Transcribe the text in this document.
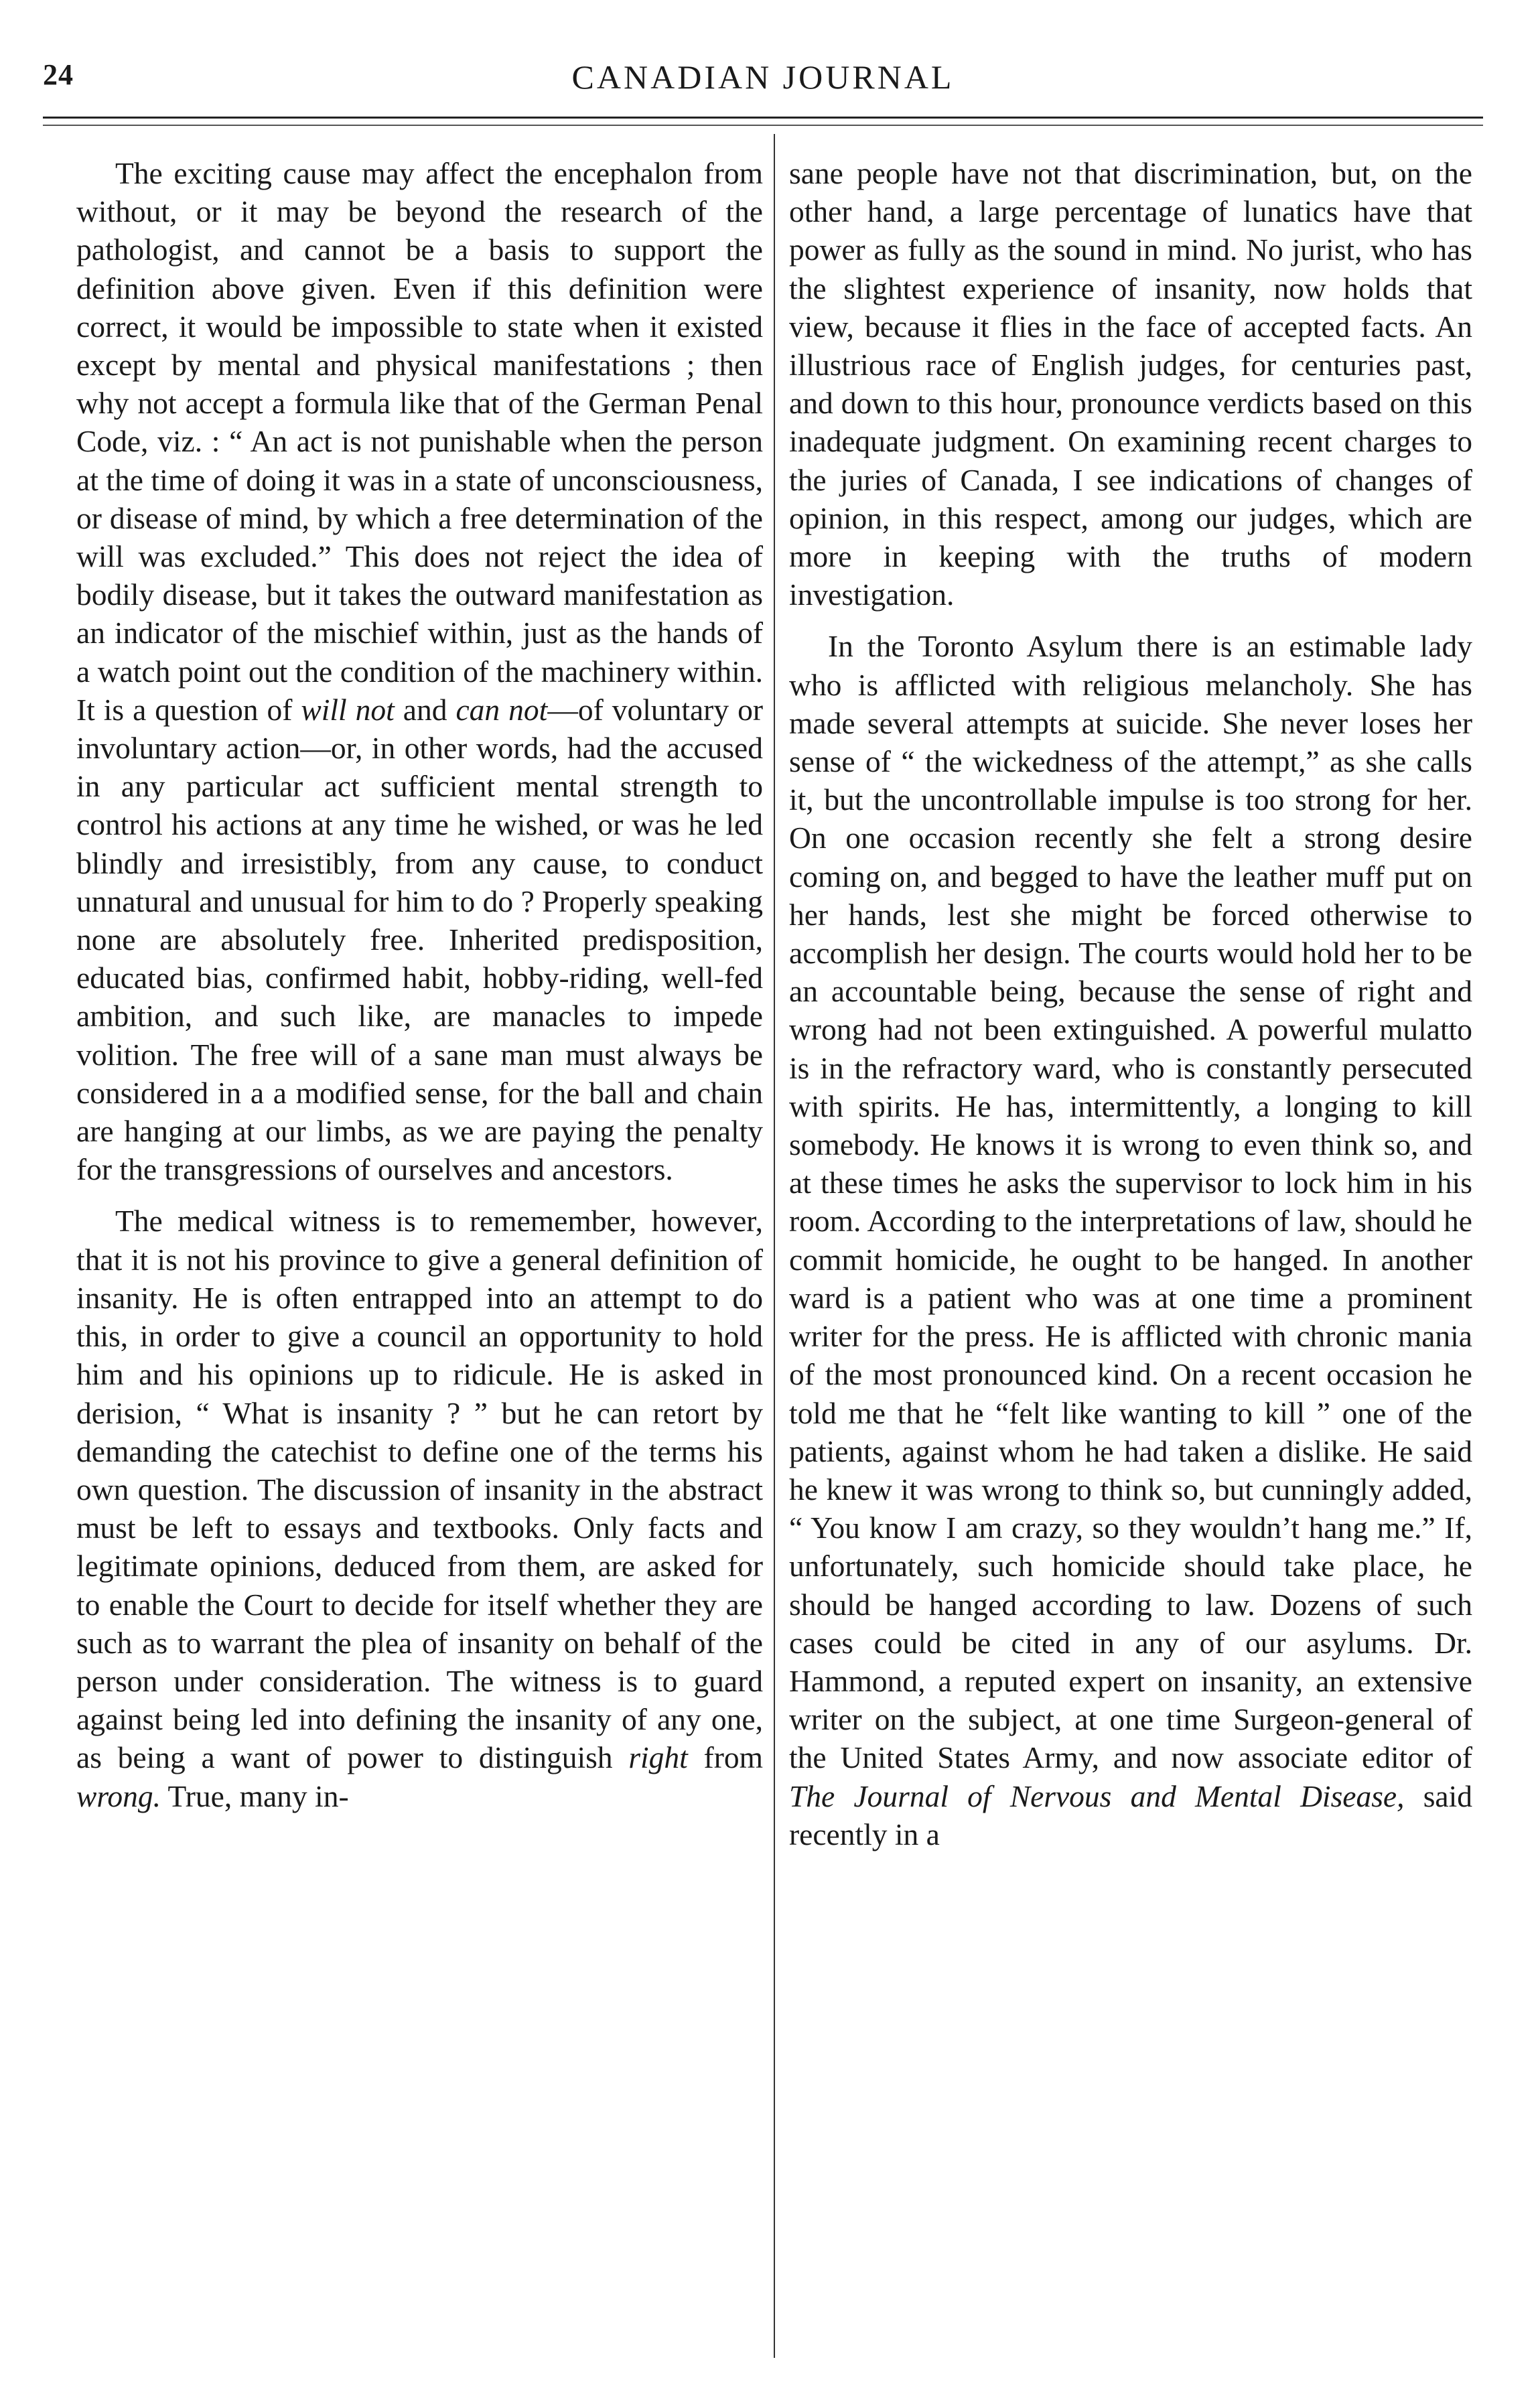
24	CANADIAN JOURNAL

The exciting cause may affect the encephalon from without, or it may be beyond the research of the pathologist, and cannot be a basis to support the definition above given. Even if this definition were correct, it would be impossible to state when it existed except by mental and physical manifestations ; then why not accept a formula like that of the German Penal Code, viz. : “ An act is not punishable when the person at the time of doing it was in a state of unconsciousness, or disease of mind, by which a free determination of the will was excluded.” This does not reject the idea of bodily disease, but it takes the outward manifestation as an indicator of the mischief within, just as the hands of a watch point out the condition of the machinery within. It is a question of will not and can not—of voluntary or involuntary action—or, in other words, had the accused in any particular act sufficient mental strength to control his actions at any time he wished, or was he led blindly and irresistibly, from any cause, to conduct unnatural and unusual for him to do ? Properly speaking none are absolutely free. Inherited predisposition, educated bias, confirmed habit, hobby-riding, well-fed ambition, and such like, are manacles to impede volition. The free will of a sane man must always be considered in a a modified sense, for the ball and chain are hanging at our limbs, as we are paying the penalty for the transgressions of ourselves and ancestors.

The medical witness is to rememember, however, that it is not his province to give a general definition of insanity. He is often entrapped into an attempt to do this, in order to give a council an opportunity to hold him and his opinions up to ridicule. He is asked in derision, “ What is insanity ? ” but he can retort by demanding the catechist to define one of the terms his own question. The discussion of insanity in the abstract must be left to essays and textbooks. Only facts and legitimate opinions, deduced from them, are asked for to enable the Court to decide for itself whether they are such as to warrant the plea of insanity on behalf of the person under consideration. The witness is to guard against being led into defining the insanity of any one, as being a want of power to distinguish right from wrong. True, many in-

sane people have not that discrimination, but, on the other hand, a large percentage of lunatics have that power as fully as the sound in mind. No jurist, who has the slightest experience of insanity, now holds that view, because it flies in the face of accepted facts. An illustrious race of English judges, for centuries past, and down to this hour, pronounce verdicts based on this inadequate judgment. On examining recent charges to the juries of Canada, I see indications of changes of opinion, in this respect, among our judges, which are more in keeping with the truths of modern investigation.

In the Toronto Asylum there is an estimable lady who is afflicted with religious melancholy. She has made several attempts at suicide. She never loses her sense of “ the wickedness of the attempt,” as she calls it, but the uncontrollable impulse is too strong for her. On one occasion recently she felt a strong desire coming on, and begged to have the leather muff put on her hands, lest she might be forced otherwise to accomplish her design. The courts would hold her to be an accountable being, because the sense of right and wrong had not been extinguished. A powerful mulatto is in the refractory ward, who is constantly persecuted with spirits. He has, intermittently, a longing to kill somebody. He knows it is wrong to even think so, and at these times he asks the supervisor to lock him in his room. According to the interpretations of law, should he commit homicide, he ought to be hanged. In another ward is a patient who was at one time a prominent writer for the press. He is afflicted with chronic mania of the most pronounced kind. On a recent occasion he told me that he “felt like wanting to kill ” one of the patients, against whom he had taken a dislike. He said he knew it was wrong to think so, but cunningly added, “ You know I am crazy, so they wouldn’t hang me.” If, unfortunately, such homicide should take place, he should be hanged according to law. Dozens of such cases could be cited in any of our asylums. Dr. Hammond, a reputed expert on insanity, an extensive writer on the subject, at one time Surgeon-general of the United States Army, and now associate editor of The Journal of Nervous and Mental Disease, said recently in a
